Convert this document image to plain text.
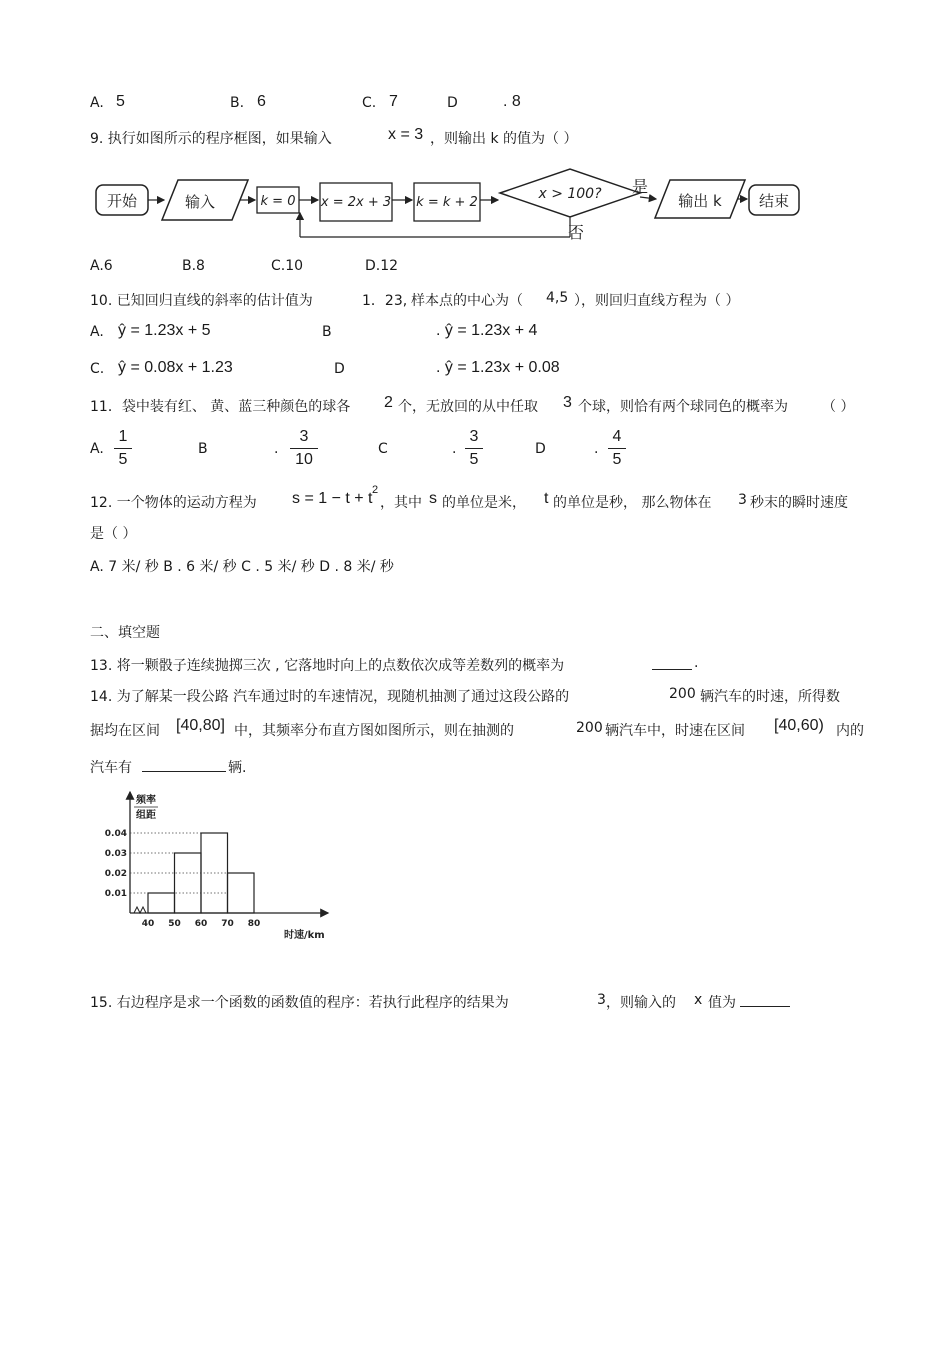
A. 5	B. 6	C. 7	D	. 8
9. 执行如图所示的程序框图，如果输入	x = 3 ，则输出 k 的值为（ ）
开始	输入	k = 0 x = 2x + 3 k = k + 2
x > 100? 是
输出 k 结束
否
A.6	B.8	C.10	D.12
10. 已知回归直线的斜率的估计值为	1．23, 样本点的中心为（ 4,5 ），则回归直线方程为（ ）
A. ŷ = 1.23x + 5	B	. ŷ = 1.23x + 4
C. ŷ = 0.08x + 1.23	D	. ŷ = 1.23x + 0.08
11．袋中装有红、 黄、蓝三种颜色的球各 2 个，无放回的从中任取 3 个球，则恰有两个球同色的概率为 （ ）
A.
1
5
B	.
3
10
C	.
3
5
D	.
4
5
12. 一个物体的运动方程为 s = 1 − t + t 2
，其中 s 的单位是米， t 的单位是秒， 那么物体在 3 秒末的瞬时速度
是（ ）
A. 7 米/ 秒 B . 6 米/ 秒 C . 5 米/ 秒 D . 8 米/ 秒
二、填空题
13. 将一颗骰子连续抛掷三次 , 它落地时向上的点数依次成等差数列的概率为	.
14. 为了解某一段公路 汽车通过时的车速情况，现随机抽测了通过这段公路的	200 辆汽车的时速，所得数
据均在区间 [40,80] 中，其频率分布直方图如图所示，则在抽测的	200 辆汽车中，时速在区间 [40,60) 内的
汽车有	辆.
频率
组距
时速/km
0.01
0.02
0.03
0.04
40 50 60 70 80
15. 右边程序是求一个函数的函数值的程序：若执行此程序的结果为	3 ，则输入的 x 值为
